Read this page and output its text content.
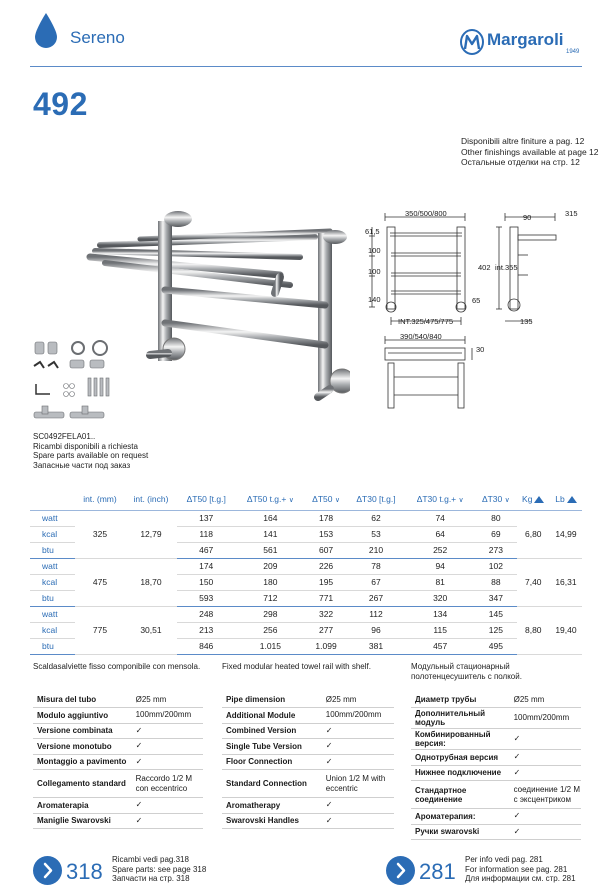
Sereno	Margaroli
1949
492
Disponibili altre finiture a pag. 12
Other finishings available at page 12
Остальные отделки на стр. 12
350/500/800	315
90
61,5
100
100
140
402 int.355
65
INT.325/475/775	135
390/540/840
30
SC0492FELA01..
Ricambi disponibili a richiesta
Spare parts available on request
Запасные части под заказ
	int. (mm)	int. (inch)	ΔT50 [t.g.]	ΔT50 t.g.+ ∨	ΔT50 ∨	ΔT30 [t.g.]	ΔT30 t.g.+ ∨	ΔT30 ∨	Kg	Lb
watt	325	12,79	137	164	178	62	74	80	6,80	14,99
kcal			118	141	153	53	64	69		
btu			467	561	607	210	252	273		
watt	475	18,70	174	209	226	78	94	102	7,40	16,31
kcal			150	180	195	67	81	88		
btu			593	712	771	267	320	347		
watt	775	30,51	248	298	322	112	134	145	8,80	19,40
kcal			213	256	277	96	115	125		
btu			846	1.015	1.099	381	457	495		
Scaldasalviette fisso componibile con mensola.	Fixed modular heated towel rail with shelf.	Модульный стационарный полотенцесушитель с полкой.
Misura del tubo	Ø25 mm
Modulo aggiuntivo	100mm/200mm
Versione combinata	✓
Versione monotubo	✓
Montaggio a pavimento	✓
Collegamento standard	Raccordo 1/2 M con eccentrico
Aromaterapia	✓
Maniglie Swarovski	✓
Pipe dimension	Ø25 mm
Additional Module	100mm/200mm
Combined Version	✓
Single Tube Version	✓
Floor Connection	✓
Standard Connection	Union 1/2 M with eccentric
Aromatherapy	✓
Swarovski Handles	✓
Диаметр трубы	Ø25 mm
Дополнительный модуль	100mm/200mm
Комбинированный версия:	✓
Однотрубная версия	✓
Нижнее подключение	✓
Стандартное соединение	соединение 1/2 М с эксцентриком
Ароматерапия:	✓
Ручки swarovski	✓
318 Ricambi vedi pag.318
Spare parts: see page 318
Запчасти на стр. 318	281 Per info vedi pag. 281
For information see pag. 281
Для информации см. стр. 281
